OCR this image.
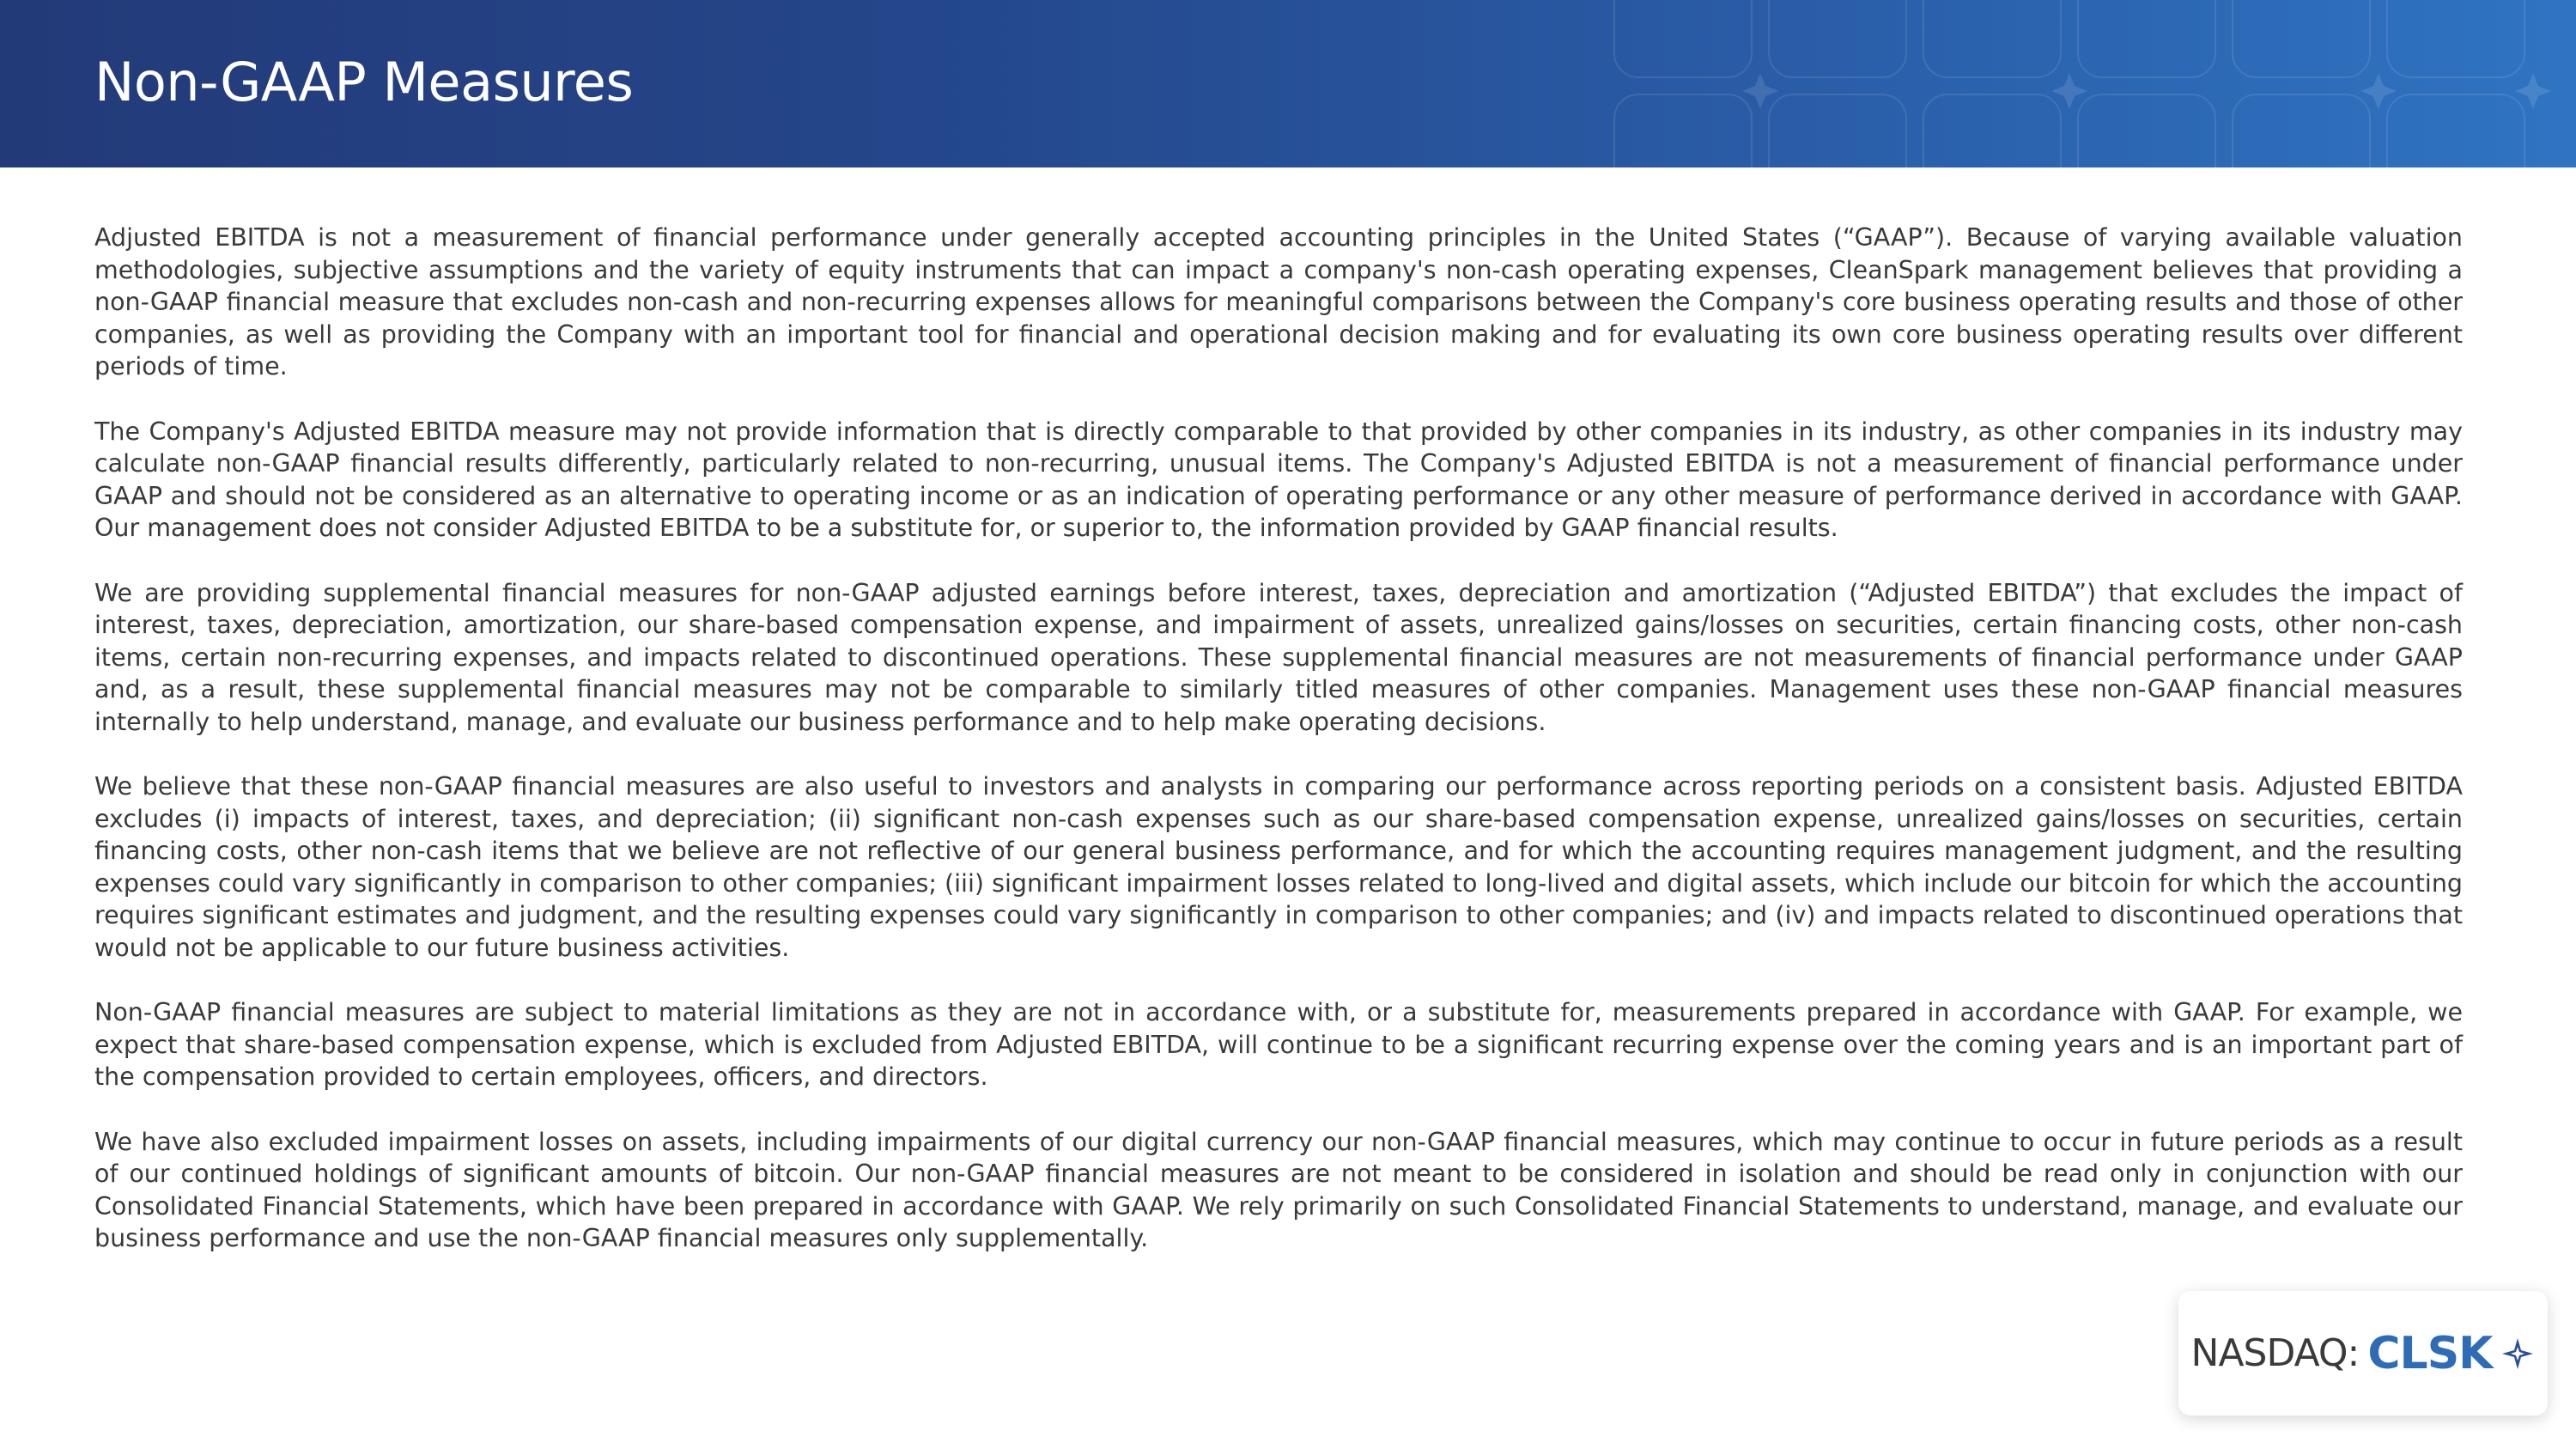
Non-GAAP Measures

Adjusted EBITDA is not a measurement of financial performance under generally accepted accounting principles in the United States (“GAAP”). Because of varying available valuation methodologies, subjective assumptions and the variety of equity instruments that can impact a company's non-cash operating expenses, CleanSpark management believes that providing a non-GAAP financial measure that excludes non-cash and non-recurring expenses allows for meaningful comparisons between the Company's core business operating results and those of other companies, as well as providing the Company with an important tool for financial and operational decision making and for evaluating its own core business operating results over different periods of time.

The Company's Adjusted EBITDA measure may not provide information that is directly comparable to that provided by other companies in its industry, as other companies in its industry may calculate non-GAAP financial results differently, particularly related to non-recurring, unusual items. The Company's Adjusted EBITDA is not a measurement of financial performance under GAAP and should not be considered as an alternative to operating income or as an indication of operating performance or any other measure of performance derived in accordance with GAAP. Our management does not consider Adjusted EBITDA to be a substitute for, or superior to, the information provided by GAAP financial results.

We are providing supplemental financial measures for non-GAAP adjusted earnings before interest, taxes, depreciation and amortization (“Adjusted EBITDA”) that excludes the impact of interest, taxes, depreciation, amortization, our share-based compensation expense, and impairment of assets, unrealized gains/losses on securities, certain financing costs, other non-cash items, certain non-recurring expenses, and impacts related to discontinued operations. These supplemental financial measures are not measurements of financial performance under GAAP and, as a result, these supplemental financial measures may not be comparable to similarly titled measures of other companies. Management uses these non-GAAP financial measures internally to help understand, manage, and evaluate our business performance and to help make operating decisions.

We believe that these non-GAAP financial measures are also useful to investors and analysts in comparing our performance across reporting periods on a consistent basis. Adjusted EBITDA excludes (i) impacts of interest, taxes, and depreciation; (ii) significant non-cash expenses such as our share-based compensation expense, unrealized gains/losses on securities, certain financing costs, other non-cash items that we believe are not reflective of our general business performance, and for which the accounting requires management judgment, and the resulting expenses could vary significantly in comparison to other companies; (iii) significant impairment losses related to long-lived and digital assets, which include our bitcoin for which the accounting requires significant estimates and judgment, and the resulting expenses could vary significantly in comparison to other companies; and (iv) and impacts related to discontinued operations that would not be applicable to our future business activities.

Non-GAAP financial measures are subject to material limitations as they are not in accordance with, or a substitute for, measurements prepared in accordance with GAAP. For example, we expect that share-based compensation expense, which is excluded from Adjusted EBITDA, will continue to be a significant recurring expense over the coming years and is an important part of the compensation provided to certain employees, officers, and directors.

We have also excluded impairment losses on assets, including impairments of our digital currency our non-GAAP financial measures, which may continue to occur in future periods as a result of our continued holdings of significant amounts of bitcoin. Our non-GAAP financial measures are not meant to be considered in isolation and should be read only in conjunction with our Consolidated Financial Statements, which have been prepared in accordance with GAAP. We rely primarily on such Consolidated Financial Statements to understand, manage, and evaluate our business performance and use the non-GAAP financial measures only supplementally.

NASDAQ: CLSK
